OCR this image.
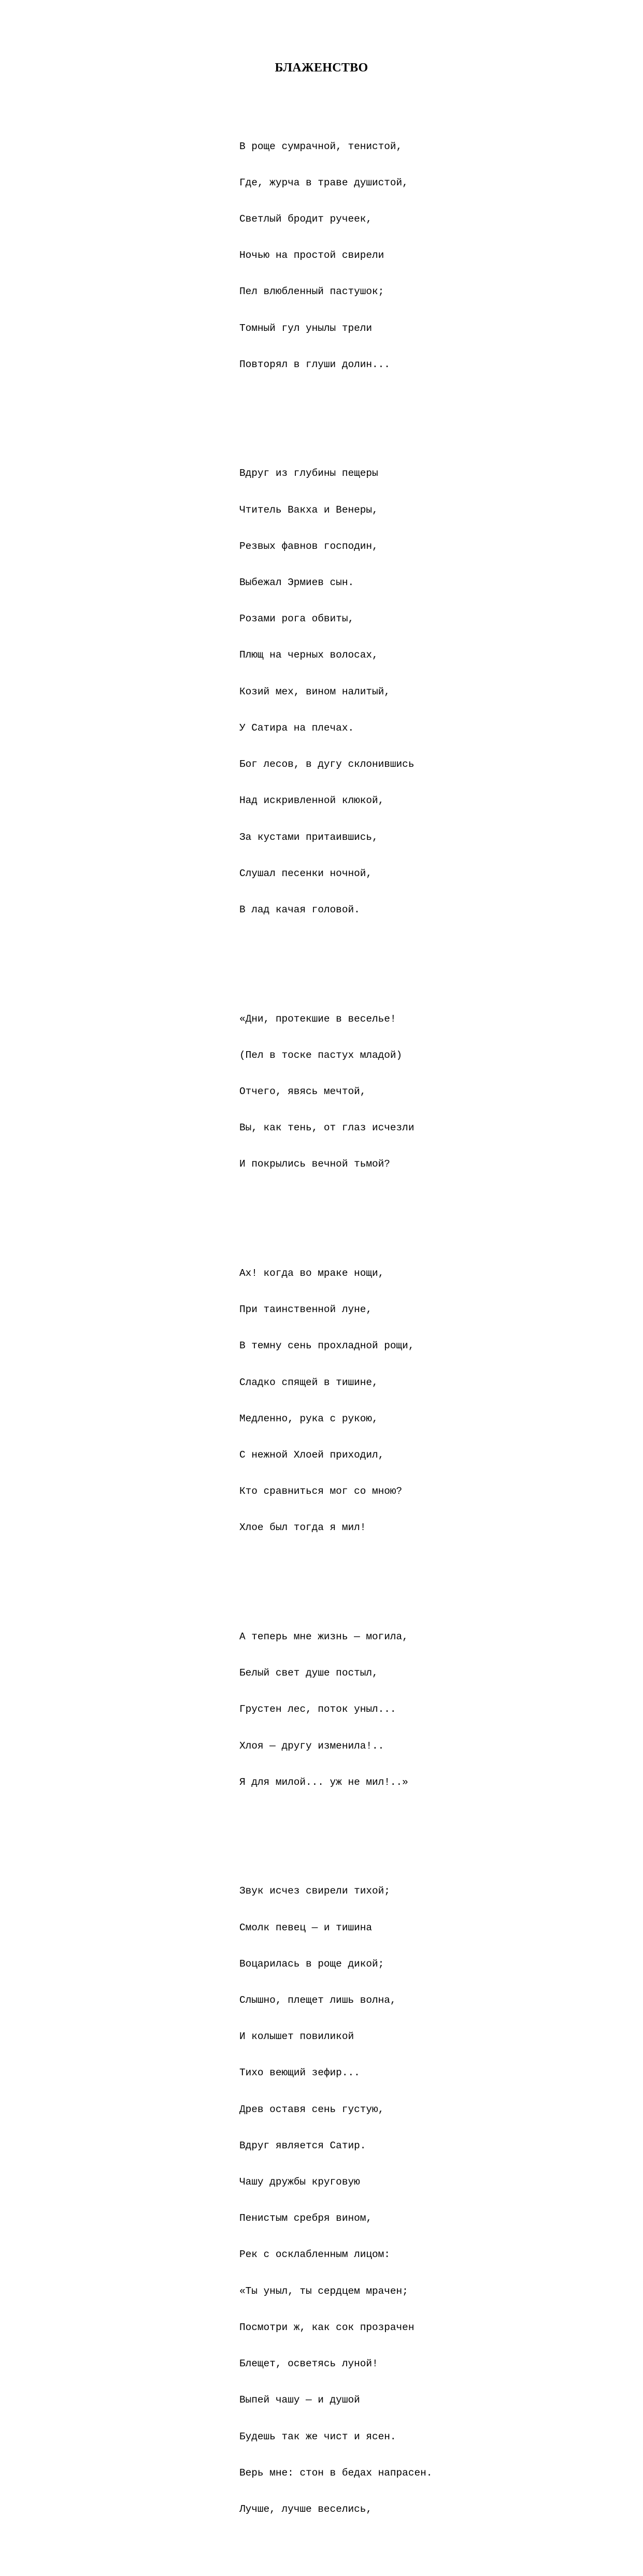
БЛАЖЕНСТВО

В роще сумрачной, тенистой,

Где, журча в траве душистой,

Светлый бродит ручеек,

Ночью на простой свирели

Пел влюбленный пастушок;

Томный гул унылы трели

Повторял в глуши долин...

Вдруг из глубины пещеры

Чтитель Вакха и Венеры,

Резвых фавнов господин,

Выбежал Эрмиев сын.

Розами рога обвиты,

Плющ на черных волосах,

Козий мех, вином налитый,

У Сатира на плечах.

Бог лесов, в дугу склонившись

Над искривленной клюкой,

За кустами притаившись,

Слушал песенки ночной,

В лад качая головой.

«Дни, протекшие в веселье!

(Пел в тоске пастух младой)

Отчего, явясь мечтой,

Вы, как тень, от глаз исчезли

И покрылись вечной тьмой?

Ах! когда во мраке нощи,

При таинственной луне,

В темну сень прохладной рощи,

Сладко спящей в тишине,

Медленно, рука с рукою,

С нежной Хлоей приходил,

Кто сравниться мог со мною?

Хлое был тогда я мил!

А теперь мне жизнь — могила,

Белый свет душе постыл,

Грустен лес, поток уныл...

Хлоя — другу изменила!..

Я для милой... уж не мил!..»

Звук исчез свирели тихой;

Смолк певец — и тишина

Воцарилась в роще дикой;

Слышно, плещет лишь волна,

И колышет повиликой

Тихо веющий зефир...

Древ оставя сень густую,

Вдруг является Сатир.

Чашу дружбы круговую

Пенистым сребря вином,

Рек с осклабленным лицом:

«Ты уныл, ты сердцем мрачен;

Посмотри ж, как сок прозрачен

Блещет, осветясь луной!

Выпей чашу — и душой

Будешь так же чист и ясен.

Верь мне: стон в бедах напрасен.

Лучше, лучше веселись,
